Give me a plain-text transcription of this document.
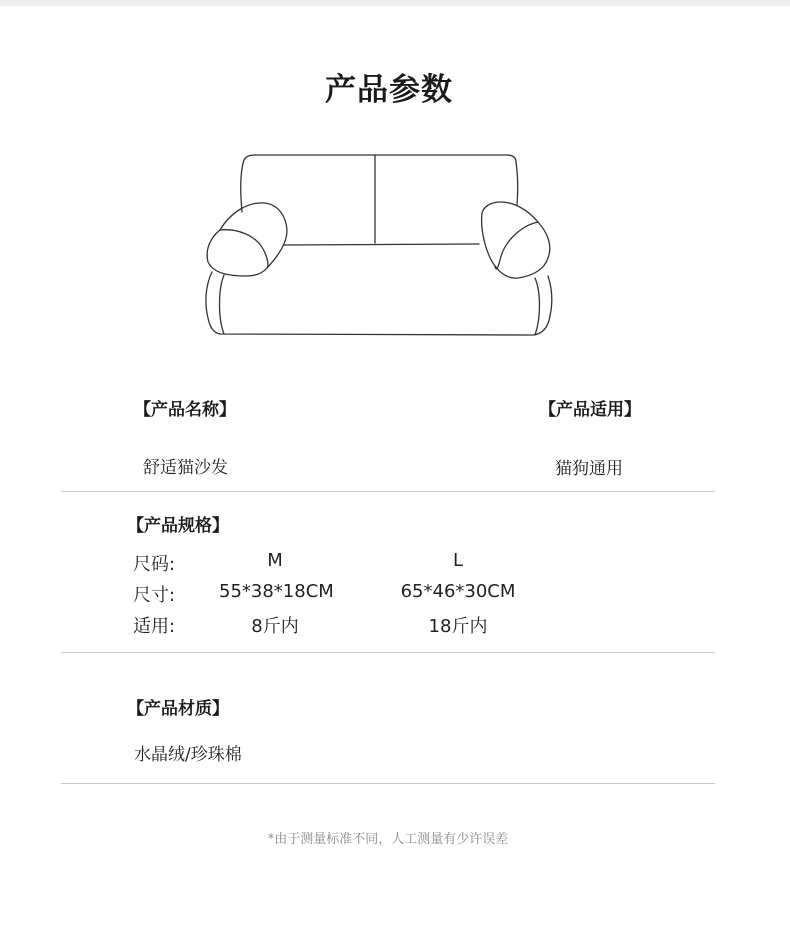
产品参数
【产品名称】	【产品适用】
舒适猫沙发	猫狗通用
【产品规格】
尺码:	M	L
尺寸: 55*38*18CM	65*46*30CM
适用:	8斤内	18斤内
【产品材质】
水晶绒/珍珠棉
*由于测量标准不同，人工测量有少许误差
